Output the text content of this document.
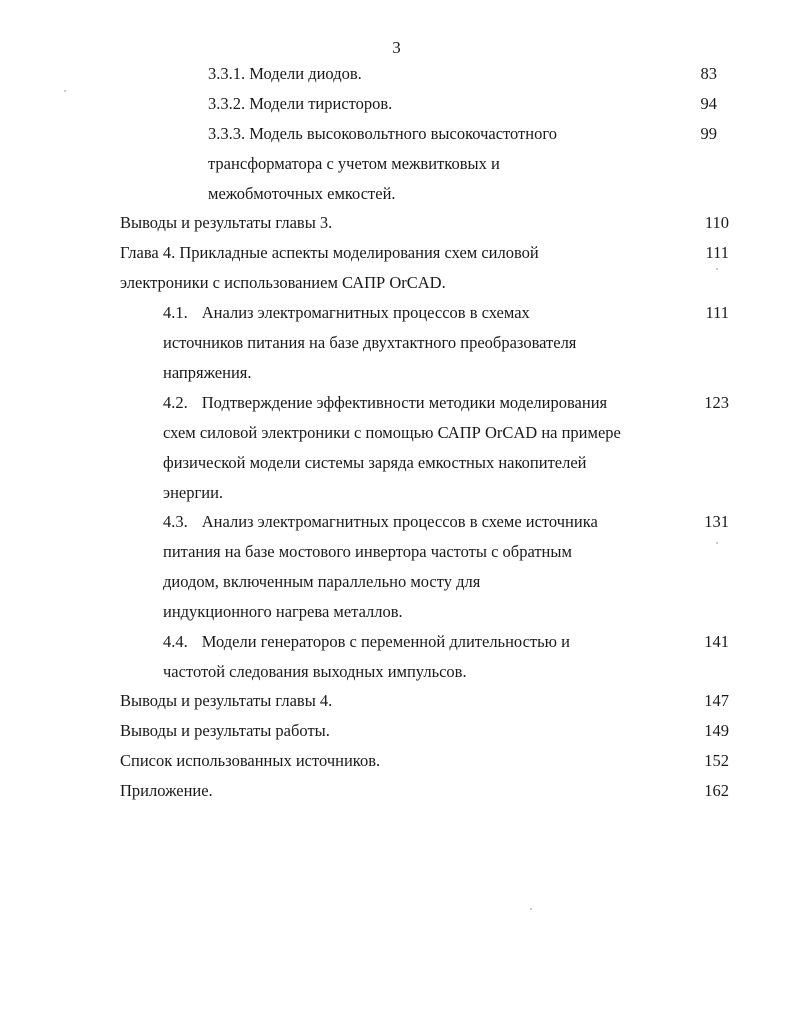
3
3.3.1. Модели диодов.	83
3.3.2. Модели тиристоров.	94
3.3.3. Модель высоковольтного высокочастотного	99
трансформатора с учетом межвитковых и
межобмоточных емкостей.
Выводы и результаты главы 3.	110
Глава 4. Прикладные аспекты моделирования схем силовой	111
электроники с использованием САПР OrCAD.
4.1. Анализ электромагнитных процессов в схемах	111
источников питания на базе двухтактного преобразователя
напряжения.
4.2. Подтверждение эффективности методики моделирования	123
схем силовой электроники с помощью САПР OrCAD на примере
физической модели системы заряда емкостных накопителей
энергии.
4.3. Анализ электромагнитных процессов в схеме источника	131
питания на базе мостового инвертора частоты с обратным
диодом, включенным параллельно мосту для
индукционного нагрева металлов.
4.4. Модели генераторов с переменной длительностью и	141
частотой следования выходных импульсов.
Выводы и результаты главы 4.	147
Выводы и результаты работы.	149
Список использованных источников.	152
Приложение.	162
